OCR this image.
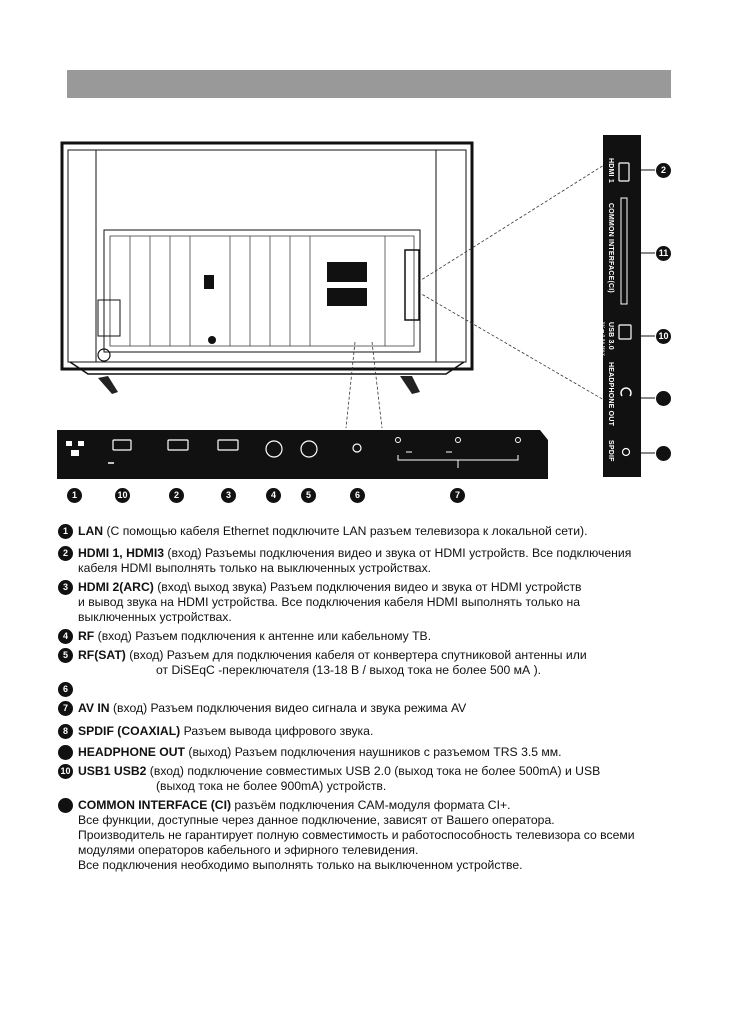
HDMI 1
COMMON INTERFACE(CI)
USB 3.0
5V ⎓ 0.9A MAX
HEADPHONE OUT
SPDIF
2
11
10
1	10	2	3	4	5	6	7
1 LAN (С помощью кабеля Ethernet подключите LAN разъем телевизора к локальной сети).
2 HDMI 1, HDMI3 (вход) Разъемы подключения видео и звука от HDMI устройств. Все подключения
кабеля HDMI выполнять только на выключенных устройствах.
3 HDMI 2(ARC) (вход\ выход звука) Разъем подключения видео и звука от HDMI устройств
и вывод звука на HDMI устройства. Все подключения кабеля HDMI выполнять только на
выключенных устройствах.
4 RF (вход) Разъем подключения к антенне или кабельному ТВ.
5 RF(SAT) (вход) Разъем для подключения кабеля от конвертера спутниковой антенны или
от DiSEqC -переключателя (13-18 В / выход тока не более 500 мА ).
6
7 AV IN (вход) Разъем подключения видео сигнала и звука режима AV
8 SPDIF (COAXIAL) Разъем вывода цифрового звука.
HEADPHONE OUT (выход) Разъем подключения наушников с разъемом TRS 3.5 мм.
10 USB1 USB2 (вход) подключение совместимых USB 2.0 (выход тока не более 500mA) и USB
(выход тока не более 900mA) устройств.
COMMON INTERFACE (CI) разъём подключения CAM-модуля формата CI+.
Все функции, доступные через данное подключение, зависят от Вашего оператора.
Производитель не гарантирует полную совместимость и работоспособность телевизора со всеми
модулями операторов кабельного и эфирного телевидения.
Все подключения необходимо выполнять только на выключенном устройстве.
